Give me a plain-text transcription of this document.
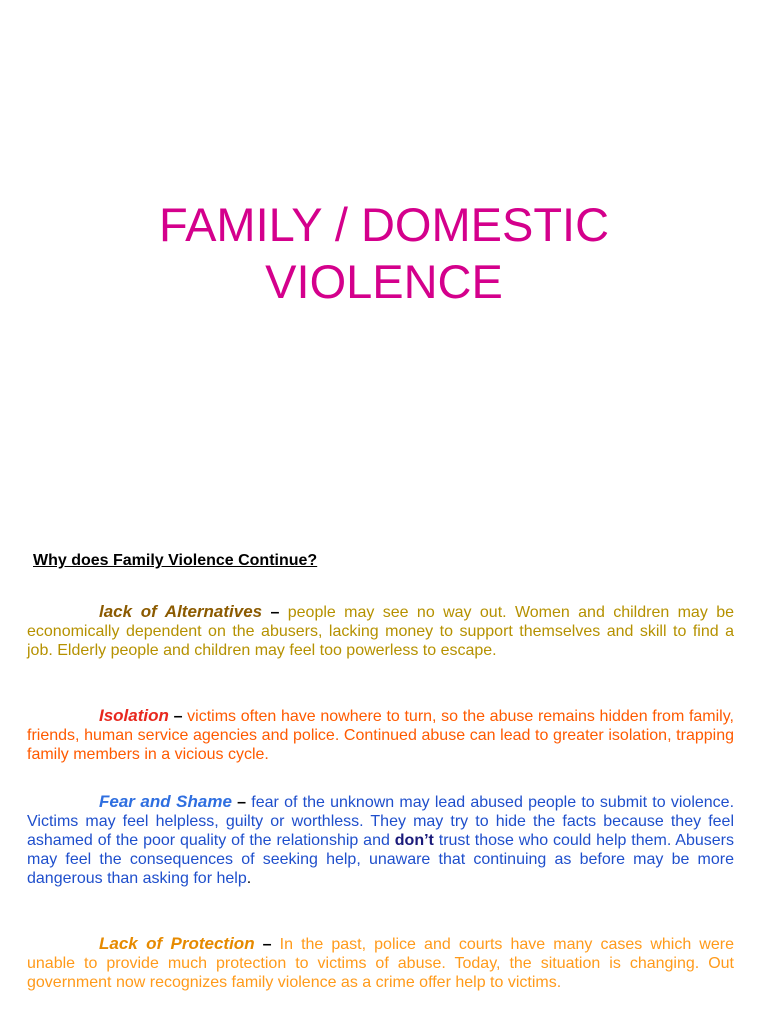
FAMILY / DOMESTIC
VIOLENCE

Why does Family Violence Continue?

lack of Alternatives – people may see no way out. Women and children may be economically dependent on the abusers, lacking money to support themselves and skill to find a job. Elderly people and children may feel too powerless to escape.

Isolation – victims often have nowhere to turn, so the abuse remains hidden from family, friends, human service agencies and police. Continued abuse can lead to greater isolation, trapping family members in a vicious cycle.

Fear and Shame – fear of the unknown may lead abused people to submit to violence. Victims may feel helpless, guilty or worthless. They may try to hide the facts because they feel ashamed of the poor quality of the relationship and don’t trust those who could help them. Abusers may feel the consequences of seeking help, unaware that continuing as before may be more dangerous than asking for help.

Lack of Protection – In the past, police and courts have many cases which were unable to provide much protection to victims of abuse. Today, the situation is changing. Out government now recognizes family violence as a crime offer help to victims.
